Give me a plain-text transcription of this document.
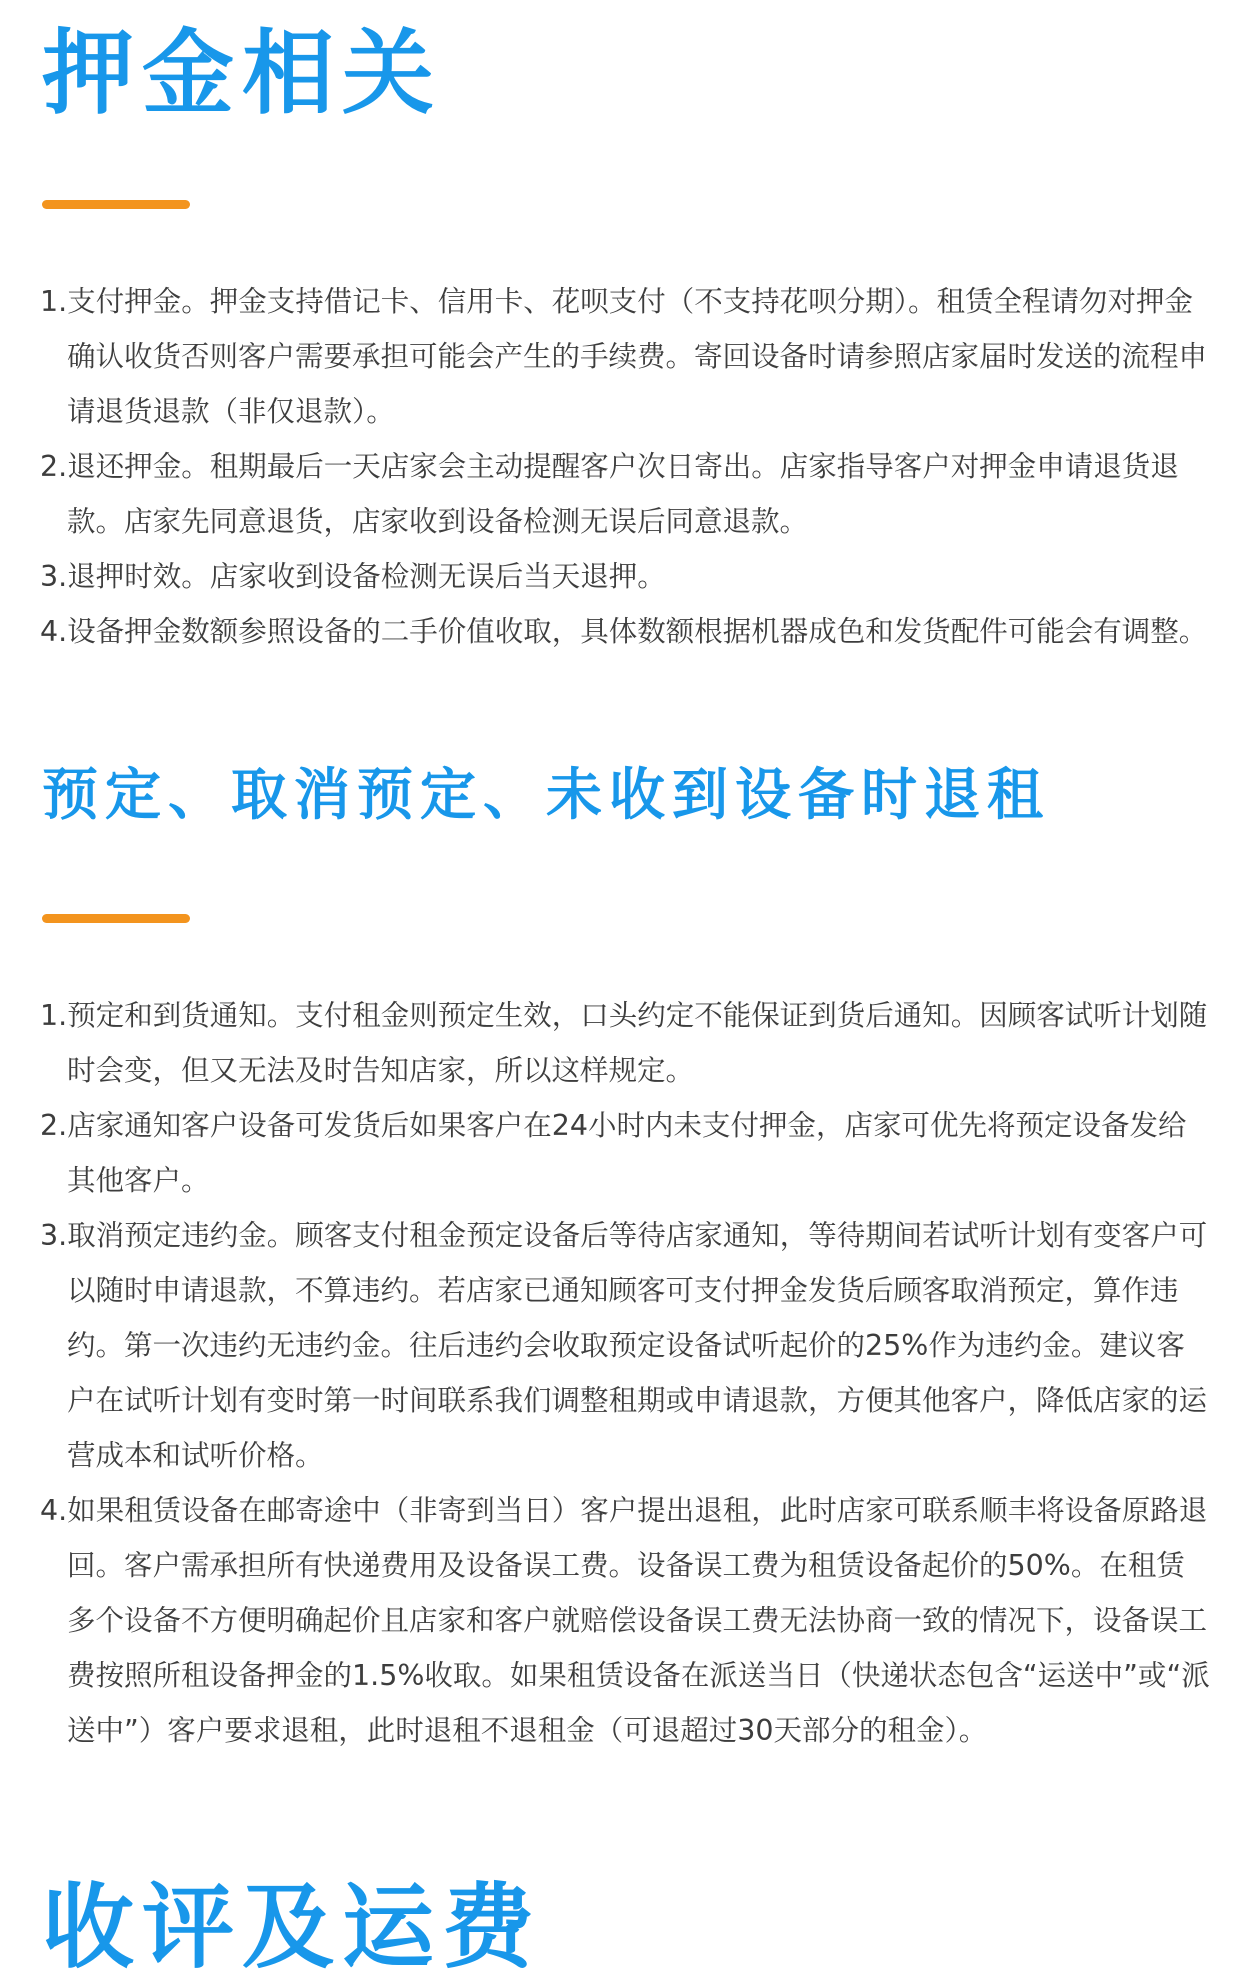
押金相关
1.支付押金。押金支持借记卡、信用卡、花呗支付（不支持花呗分期）。租赁全程请勿对押金确认收货否则客户需要承担可能会产生的手续费。寄回设备时请参照店家届时发送的流程申请退货退款（非仅退款）。
2.退还押金。租期最后一天店家会主动提醒客户次日寄出。店家指导客户对押金申请退货退款。店家先同意退货，店家收到设备检测无误后同意退款。
3.退押时效。店家收到设备检测无误后当天退押。
4.设备押金数额参照设备的二手价值收取，具体数额根据机器成色和发货配件可能会有调整。
预定、取消预定、未收到设备时退租
1.预定和到货通知。支付租金则预定生效，口头约定不能保证到货后通知。因顾客试听计划随时会变，但又无法及时告知店家，所以这样规定。
2.店家通知客户设备可发货后如果客户在24小时内未支付押金，店家可优先将预定设备发给其他客户。
3.取消预定违约金。顾客支付租金预定设备后等待店家通知，等待期间若试听计划有变客户可以随时申请退款，不算违约。若店家已通知顾客可支付押金发货后顾客取消预定，算作违约。第一次违约无违约金。往后违约会收取预定设备试听起价的25%作为违约金。建议客户在试听计划有变时第一时间联系我们调整租期或申请退款，方便其他客户，降低店家的运营成本和试听价格。
4.如果租赁设备在邮寄途中（非寄到当日）客户提出退租，此时店家可联系顺丰将设备原路退回。客户需承担所有快递费用及设备误工费。设备误工费为租赁设备起价的50%。在租赁多个设备不方便明确起价且店家和客户就赔偿设备误工费无法协商一致的情况下，设备误工费按照所租设备押金的1.5%收取。如果租赁设备在派送当日（快递状态包含“运送中”或“派送中”）客户要求退租，此时退租不退租金（可退超过30天部分的租金）。
收评及运费
